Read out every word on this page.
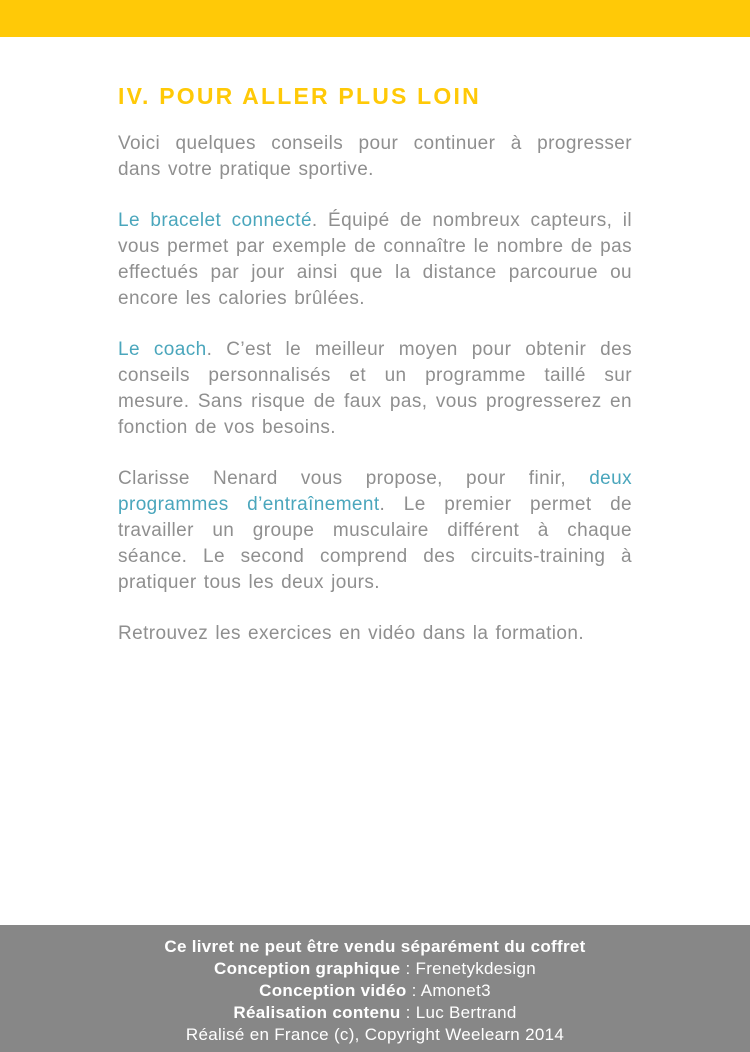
IV. POUR ALLER PLUS LOIN

Voici quelques conseils pour continuer à progresser dans votre pratique sportive.

Le bracelet connecté. Équipé de nombreux capteurs, il vous permet par exemple de connaître le nombre de pas effectués par jour ainsi que la distance parcourue ou encore les calories brûlées.

Le coach. C’est le meilleur moyen pour obtenir des conseils personnalisés et un programme taillé sur mesure. Sans risque de faux pas, vous progresserez en fonction de vos besoins.

Clarisse Nenard vous propose, pour finir, deux programmes d’entraînement. Le premier permet de travailler un groupe musculaire différent à chaque séance. Le second comprend des circuits-training à pratiquer tous les deux jours.

Retrouvez les exercices en vidéo dans la formation.

Ce livret ne peut être vendu séparément du coffret
Conception graphique : Frenetykdesign
Conception vidéo : Amonet3
Réalisation contenu : Luc Bertrand
Réalisé en France (c), Copyright Weelearn 2014
